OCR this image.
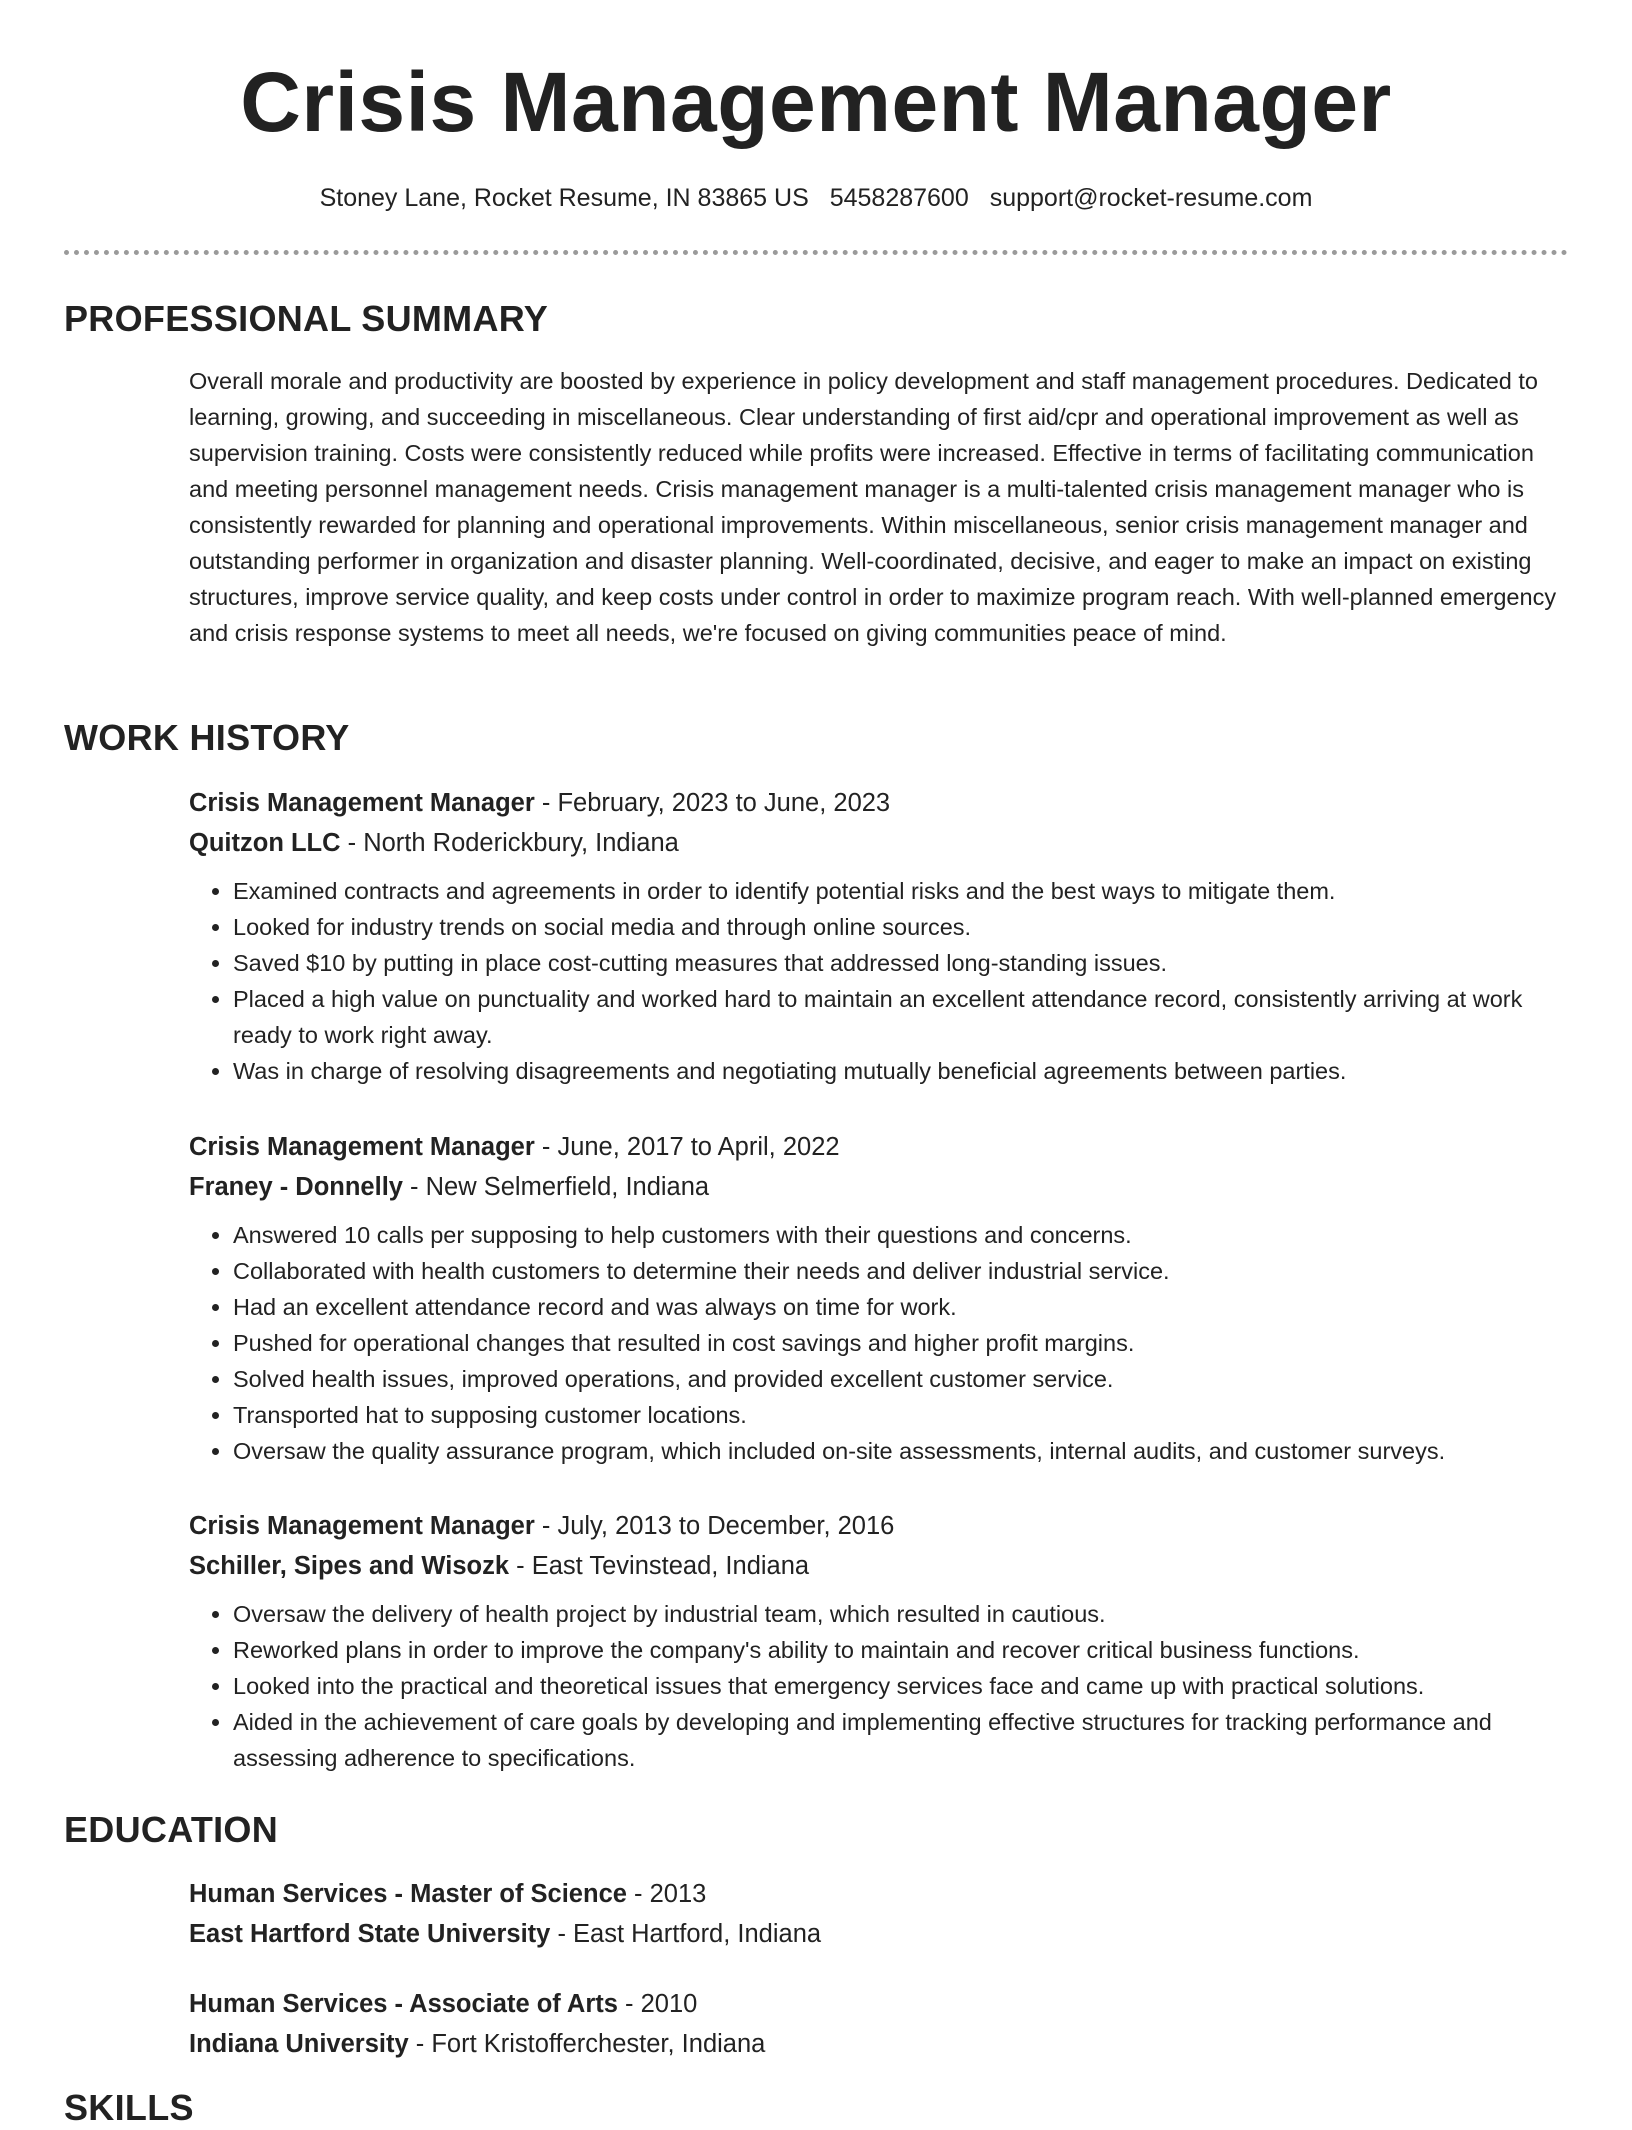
Crisis Management Manager
Stoney Lane, Rocket Resume, IN 83865 US 5458287600 support@rocket-resume.com
PROFESSIONAL SUMMARY

Overall morale and productivity are boosted by experience in policy development and staff management procedures. Dedicated to learning, growing, and succeeding in miscellaneous. Clear understanding of first aid/cpr and operational improvement as well as supervision training. Costs were consistently reduced while profits were increased. Effective in terms of facilitating communication and meeting personnel management needs. Crisis management manager is a multi-talented crisis management manager who is consistently rewarded for planning and operational improvements. Within miscellaneous, senior crisis management manager and outstanding performer in organization and disaster planning. Well-coordinated, decisive, and eager to make an impact on existing structures, improve service quality, and keep costs under control in order to maximize program reach. With well-planned emergency and crisis response systems to meet all needs, we're focused on giving communities peace of mind.

WORK HISTORY

Crisis Management Manager - February, 2023 to June, 2023

Quitzon LLC - North Roderickbury, Indiana

• Examined contracts and agreements in order to identify potential risks and the best ways to mitigate them.
• Looked for industry trends on social media and through online sources.
• Saved $10 by putting in place cost-cutting measures that addressed long-standing issues.
• Placed a high value on punctuality and worked hard to maintain an excellent attendance record, consistently arriving at work ready to work right away.
• Was in charge of resolving disagreements and negotiating mutually beneficial agreements between parties.

Crisis Management Manager - June, 2017 to April, 2022

Franey - Donnelly - New Selmerfield, Indiana

• Answered 10 calls per supposing to help customers with their questions and concerns.
• Collaborated with health customers to determine their needs and deliver industrial service.
• Had an excellent attendance record and was always on time for work.
• Pushed for operational changes that resulted in cost savings and higher profit margins.
• Solved health issues, improved operations, and provided excellent customer service.
• Transported hat to supposing customer locations.
• Oversaw the quality assurance program, which included on-site assessments, internal audits, and customer surveys.

Crisis Management Manager - July, 2013 to December, 2016

Schiller, Sipes and Wisozk - East Tevinstead, Indiana

• Oversaw the delivery of health project by industrial team, which resulted in cautious.
• Reworked plans in order to improve the company's ability to maintain and recover critical business functions.
• Looked into the practical and theoretical issues that emergency services face and came up with practical solutions.
• Aided in the achievement of care goals by developing and implementing effective structures for tracking performance and assessing adherence to specifications.
EDUCATION

Human Services - Master of Science - 2013

East Hartford State University - East Hartford, Indiana

Human Services - Associate of Arts - 2010

Indiana University - Fort Kristofferchester, Indiana

SKILLS
